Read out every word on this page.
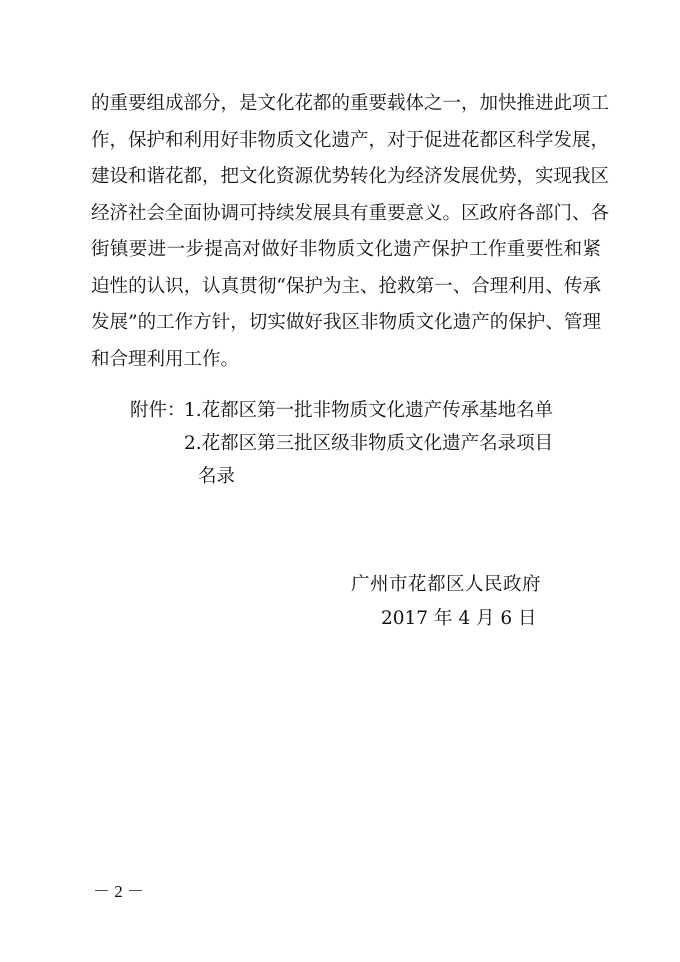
的重要组成部分，是文化花都的重要载体之一，加快推进此项工
作，保护和利用好非物质文化遗产，对于促进花都区科学发展，
建设和谐花都，把文化资源优势转化为经济发展优势，实现我区
经济社会全面协调可持续发展具有重要意义。区政府各部门、各
街镇要进一步提高对做好非物质文化遗产保护工作重要性和紧
迫性的认识，认真贯彻“保护为主、抢救第一、合理利用、传承
发展”的工作方针，切实做好我区非物质文化遗产的保护、管理
和合理利用工作。
附件：1.花都区第一批非物质文化遗产传承基地名单
2.花都区第三批区级非物质文化遗产名录项目
名录
广州市花都区人民政府
2017 年 4 月 6 日
－ 2 －
